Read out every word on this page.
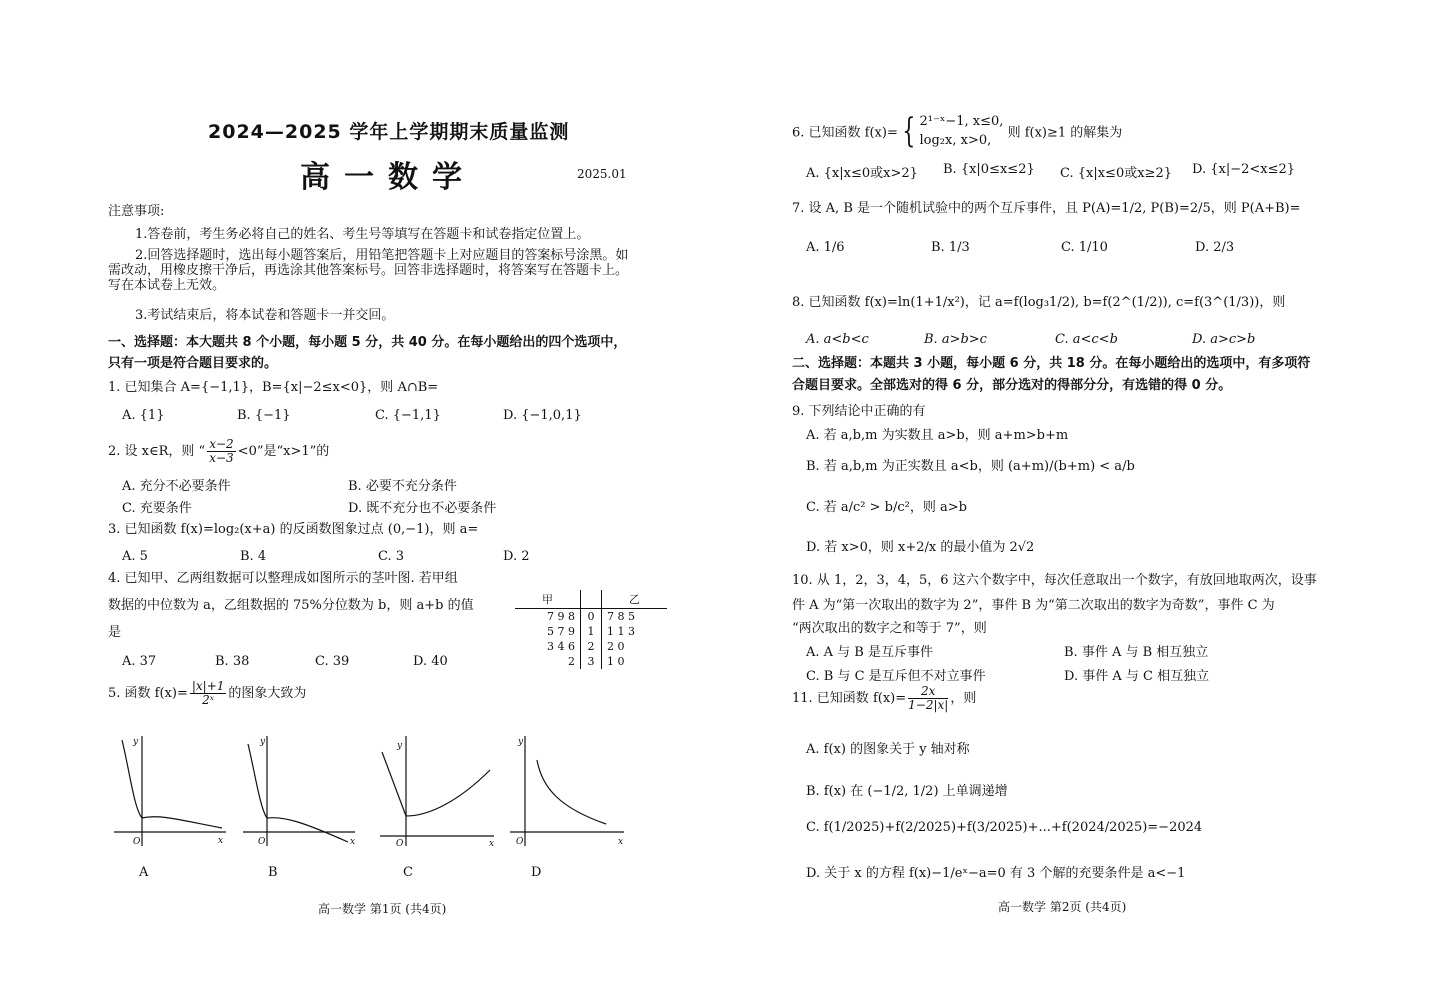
2024—2025 学年上学期期末质量监测
高一数学	2025.01
注意事项:
1.答卷前，考生务必将自己的姓名、考生号等填写在答题卡和试卷指定位置上。
2.回答选择题时，选出每小题答案后，用铅笔把答题卡上对应题目的答案标号涂黑。如需改动，用橡皮擦干净后，再选涂其他答案标号。回答非选择题时，将答案写在答题卡上。写在本试卷上无效。
3.考试结束后，将本试卷和答题卡一并交回。
一、选择题：本大题共 8 个小题，每小题 5 分，共 40 分。在每小题给出的四个选项中，
只有一项是符合题目要求的。
1. 已知集合 A={−1,1}，B={x|−2≤x<0}，则 A∩B=
A. {1}	B. {−1}	C. {−1,1}	D. {−1,0,1}
2. 设 x∈R，则 “ $\frac{x-2}{x-3} <0$”是“x>1”的
A. 充分不必要条件	B. 必要不充分条件
C. 充要条件	D. 既不充分也不必要条件
3. 已知函数 f(x)=log₂(x+a) 的反函数图象过点 (0,−1)，则 a=
A. 5	B. 4	C. 3	D. 2
4. 已知甲、乙两组数据可以整理成如图所示的茎叶图. 若甲组
数据的中位数为 a，乙组数据的 75%分位数为 b，则 a+b 的值
是
A. 37	B. 38	C. 39	D. 40
甲		乙
7 9 8	0	7 8 5
5 7 9	1	1 1 3
3 4 6	2	2 0
2	3	1 0
5. 函数 $f(x)= \frac{|x|+1}{\text{2ˣ}}$ 的图象大致为
y
x
O
y
x
O
y
x
O
y
x
O
A	B	C	D
高一数学 第1页 (共4页)
6. 已知函数 f(x)= { 2¹⁻ˣ−1, x≤0,
log₂x, x>0,	则 f(x)≥1 的解集为
A. {x|x≤0或x>2} B. {x|0≤x≤2} C. {x|x≤0或x≥2} D. {x|−2<x≤2}
7. 设 A, B 是一个随机试验中的两个互斥事件，且 P(A)=1/2, P(B)=2/5，则 P(A+B)=
A. 1/6	B. 1/3	C. 1/10	D. 2/3
8. 已知函数 f(x)=ln(1+1/x²)，记 a=f(log₃1/2), b=f(2^(1/2)), c=f(3^(1/3))，则
A. a<b<c	B. a>b>c	C. a<c<b	D. a>c>b
二、选择题：本题共 3 小题，每小题 6 分，共 18 分。在每小题给出的选项中，有多项符
合题目要求。全部选对的得 6 分，部分选对的得部分分，有选错的得 0 分。
9. 下列结论中正确的有
A. 若 a,b,m 为实数且 a>b，则 a+m>b+m
B. 若 a,b,m 为正实数且 a<b，则 (a+m)/(b+m) < a/b
C. 若 a/c² > b/c²，则 a>b
D. 若 x>0，则 x+2/x 的最小值为 2√2
10. 从 1，2，3，4，5，6 这六个数字中，每次任意取出一个数字，有放回地取两次，设事
件 A 为“第一次取出的数字为 2”，事件 B 为“第二次取出的数字为奇数”，事件 C 为
“两次取出的数字之和等于 7”，则
A. A 与 B 是互斥事件	B. 事件 A 与 B 相互独立
C. B 与 C 是互斥但不对立事件	D. 事件 A 与 C 相互独立
11. 已知函数 $f(x)= \frac{2x}{1-2|x|}$ ，则
A. f(x) 的图象关于 y 轴对称
B. f(x) 在 (−1/2, 1/2) 上单调递增
C. f(1/2025)+f(2/2025)+f(3/2025)+...+f(2024/2025)=−2024
D. 关于 x 的方程 f(x)−1/eˣ−a=0 有 3 个解的充要条件是 a<−1
高一数学 第2页 (共4页)
